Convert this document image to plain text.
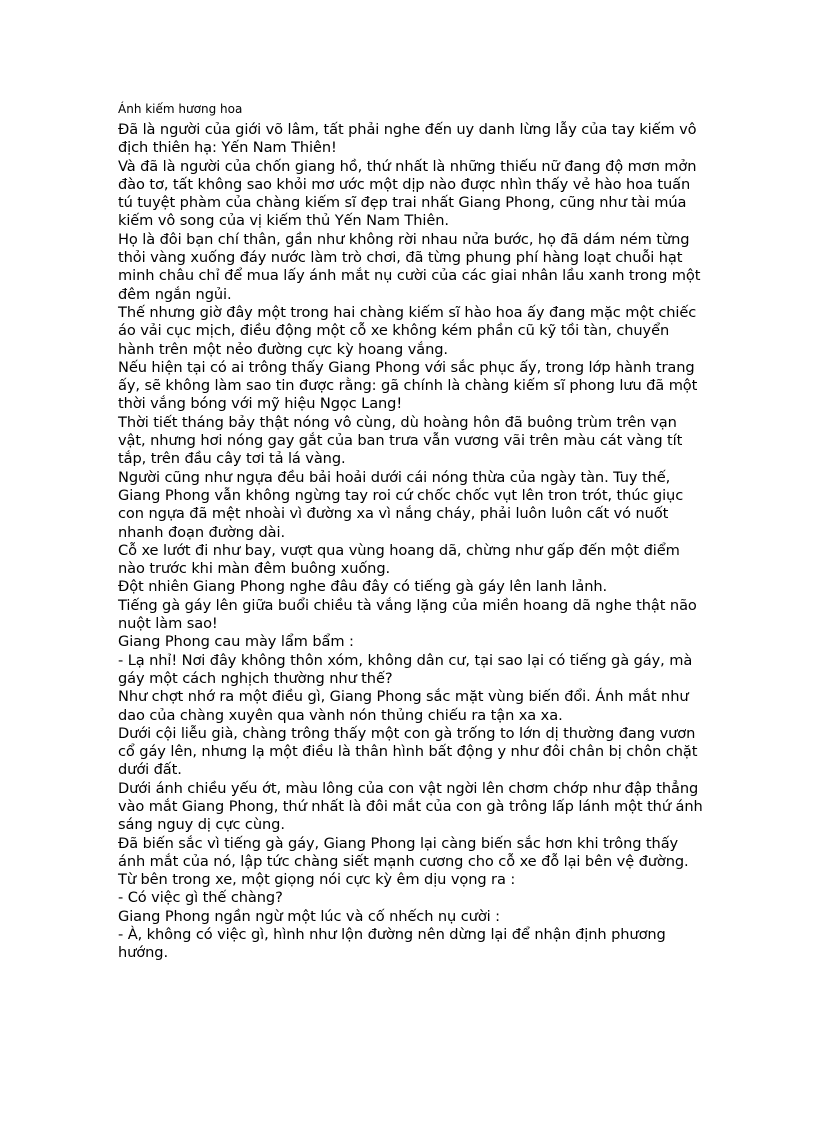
Ánh kiếm hương hoa

Đã là người của giới võ lâm, tất phải nghe đến uy danh lừng lẫy của tay kiếm vô địch thiên hạ: Yến Nam Thiên!

Và đã là người của chốn giang hồ, thứ nhất là những thiếu nữ đang độ mơn mởn đào tơ, tất không sao khỏi mơ ước một dịp nào được nhìn thấy vẻ hào hoa tuấn tú tuyệt phàm của chàng kiếm sĩ đẹp trai nhất Giang Phong, cũng như tài múa kiếm vô song của vị kiếm thủ Yến Nam Thiên.

Họ là đôi bạn chí thân, gần như không rời nhau nửa bước, họ đã dám ném từng thỏi vàng xuống đáy nước làm trò chơi, đã từng phung phí hàng loạt chuỗi hạt minh châu chỉ để mua lấy ánh mắt nụ cười của các giai nhân lầu xanh trong một đêm ngắn ngủi.

Thế nhưng giờ đây một trong hai chàng kiếm sĩ hào hoa ấy đang mặc một chiếc áo vải cục mịch, điều động một cỗ xe không kém phần cũ kỹ tồi tàn, chuyển hành trên một nẻo đường cực kỳ hoang vắng.

Nếu hiện tại có ai trông thấy Giang Phong với sắc phục ấy, trong lớp hành trang ấy, sẽ không làm sao tin được rằng: gã chính là chàng kiếm sĩ phong lưu đã một thời vắng bóng với mỹ hiệu Ngọc Lang!

Thời tiết tháng bảy thật nóng vô cùng, dù hoàng hôn đã buông trùm trên vạn vật, nhưng hơi nóng gay gắt của ban trưa vẫn vương vãi trên màu cát vàng tít tắp, trên đầu cây tơi tả lá vàng.

Người cũng như ngựa đều bải hoải dưới cái nóng thừa của ngày tàn. Tuy thế, Giang Phong vẫn không ngừng tay roi cứ chốc chốc vụt lên tron trót, thúc giục con ngựa đã mệt nhoài vì đường xa vì nắng cháy, phải luôn luôn cất vó nuốt nhanh đoạn đường dài.

Cỗ xe lướt đi như bay, vượt qua vùng hoang dã, chừng như gấp đến một điểm nào trước khi màn đêm buông xuống.

Đột nhiên Giang Phong nghe đâu đây có tiếng gà gáy lên lanh lảnh.

Tiếng gà gáy lên giữa buổi chiều tà vắng lặng của miền hoang dã nghe thật não nuột làm sao!

Giang Phong cau mày lẩm bẩm :

- Lạ nhỉ! Nơi đây không thôn xóm, không dân cư, tại sao lại có tiếng gà gáy, mà gáy một cách nghịch thường như thế?

Như chợt nhớ ra một điều gì, Giang Phong sắc mặt vùng biến đổi. Ánh mắt như dao của chàng xuyên qua vành nón thủng chiếu ra tận xa xa.

Dưới cội liễu già, chàng trông thấy một con gà trống to lớn dị thường đang vươn cổ gáy lên, nhưng lạ một điều là thân hình bất động y như đôi chân bị chôn chặt dưới đất.

Dưới ánh chiều yếu ớt, màu lông của con vật ngời lên chơm chớp như đập thẳng vào mắt Giang Phong, thứ nhất là đôi mắt của con gà trông lấp lánh một thứ ánh sáng nguy dị cực cùng.

Đã biến sắc vì tiếng gà gáy, Giang Phong lại càng biến sắc hơn khi trông thấy ánh mắt của nó, lập tức chàng siết mạnh cương cho cỗ xe đỗ lại bên vệ đường.

Từ bên trong xe, một giọng nói cực kỳ êm dịu vọng ra :

- Có việc gì thế chàng?

Giang Phong ngần ngừ một lúc và cố nhếch nụ cười :

- À, không có việc gì, hình như lộn đường nên dừng lại để nhận định phương hướng.
